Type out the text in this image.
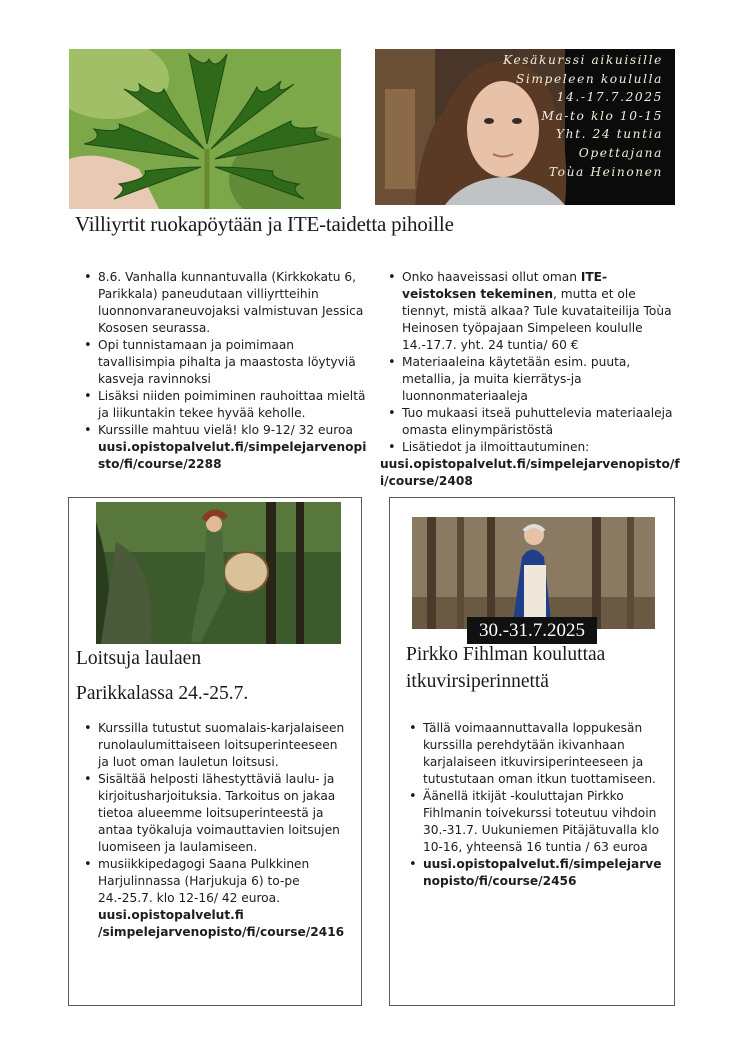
Kesäkurssi aikuisille
Simpeleen koululla
14.-17.7.2025
Ma-to klo 10-15
Yht. 24 tuntia
Opettajana
Toùa Heinonen
Villiyrtit ruokapöytään ja ITE-taidetta pihoille
• 8.6. Vanhalla kunnantuvalla (Kirkkokatu 6, Parikkala) paneudutaan villiyrtteihin luonnonvaraneuvojaksi valmistuvan Jessica Kososen seurassa.
• Opi tunnistamaan ja poimimaan tavallisimpia pihalta ja maastosta löytyviä kasveja ravinnoksi
• Lisäksi niiden poimiminen rauhoittaa mieltä ja liikuntakin tekee hyvää keholle.
• Kurssille mahtuu vielä! klo 9-12/ 32 euroa
uusi.opistopalvelut.fi/simpelejarvenopisto/fi/course/2288
• Onko haaveissasi ollut oman ITE-veistoksen tekeminen, mutta et ole tiennyt, mistä alkaa? Tule kuvataiteilija Toùa Heinosen työpajaan Simpeleen koululle 14.-17.7. yht. 24 tuntia/ 60 €
• Materiaaleina käytetään esim. puuta, metallia, ja muita kierrätys-ja luonnonmateriaaleja
• Tuo mukaasi itseä puhuttelevia materiaaleja omasta elinympäristöstä
• Lisätiedot ja ilmoittautuminen:
uusi.opistopalvelut.fi/simpelejarvenopisto/fi/course/2408
Loitsuja laulaen
Parikkalassa 24.-25.7.
• Kurssilla tutustut suomalais-karjalaiseen runolaulumittaiseen loitsuperinteeseen ja luot oman lauletun loitsusi.
• Sisältää helposti lähestyttäviä laulu- ja kirjoitusharjoituksia. Tarkoitus on jakaa tietoa alueemme loitsuperinteestä ja antaa työkaluja voimauttavien loitsujen luomiseen ja laulamiseen.
• musiikkipedagogi Saana Pulkkinen Harjulinnassa (Harjukuja 6) to-pe 24.-25.7. klo 12-16/ 42 euroa.
uusi.opistopalvelut.fi /simpelejarvenopisto/fi/course/2416
30.-31.7.2025
Pirkko Fihlman kouluttaa itkuvirsiperinnettä
• Tällä voimaannuttavalla loppukesän kurssilla perehdytään ikivanhaan karjalaiseen itkuvirsiperinteeseen ja tutustutaan oman itkun tuottamiseen.
• Äänellä itkijät -kouluttajan Pirkko Fihlmanin toivekurssi toteutuu vihdoin 30.-31.7. Uukuniemen Pitäjätuvalla klo 10-16, yhteensä 16 tuntia / 63 euroa
• uusi.opistopalvelut.fi/simpelejarvenopisto/fi/course/2456
